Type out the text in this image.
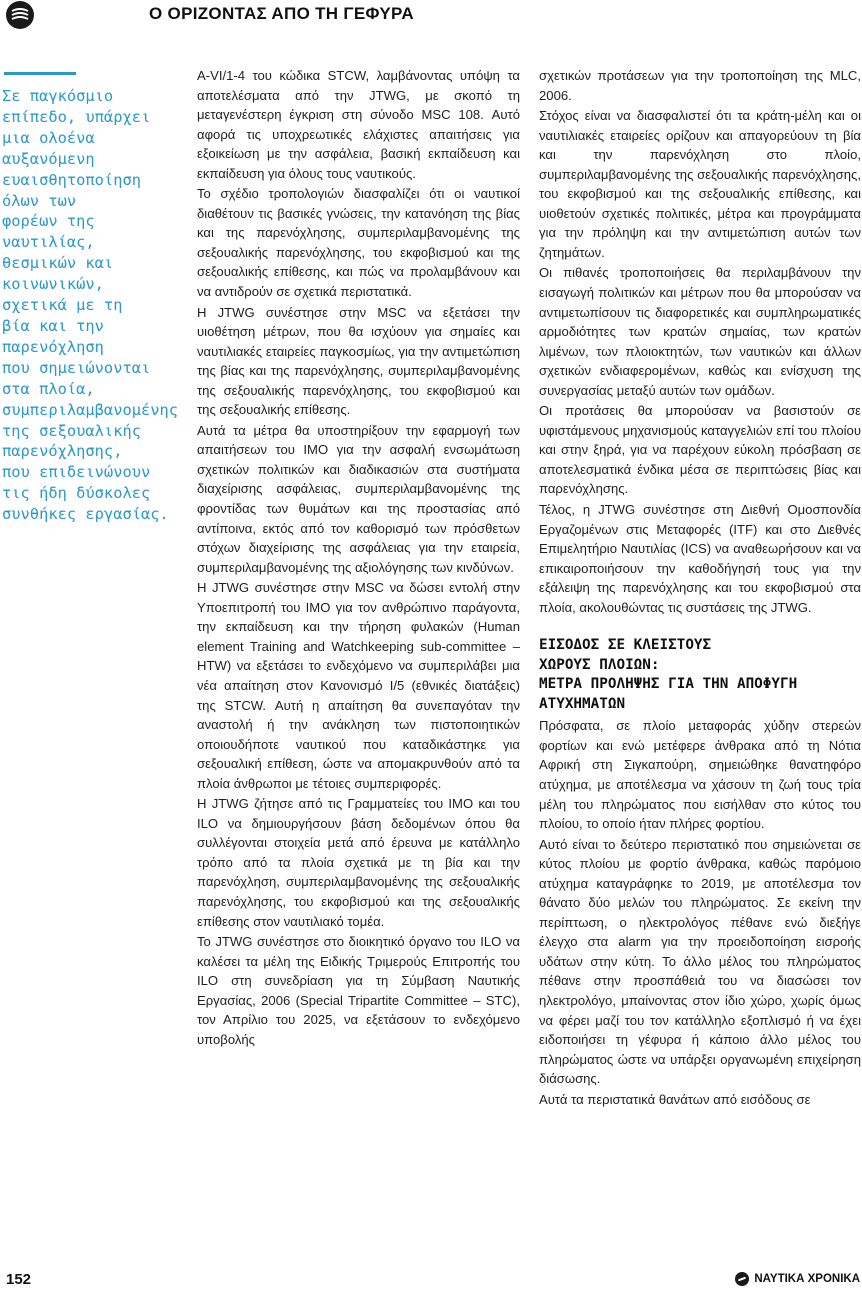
Ο ΟΡΙΖΟΝΤΑΣ ΑΠΟ ΤΗ ΓΕΦΥΡΑ
Σε παγκόσμιο
επίπεδο, υπάρχει
μια ολοένα
αυξανόμενη
ευαισθητοποίηση
όλων των
φορέων της
ναυτιλίας,
θεσμικών και
κοινωνικών,
σχετικά με τη
βία και την
παρενόχληση
που σημειώνονται
στα πλοία,
συμπεριλαμβανομένης
της σεξουαλικής
παρενόχλησης,
που επιδεινώνουν
τις ήδη δύσκολες
συνθήκες εργασίας.

A-VI/1-4 του κώδικα STCW, λαμβάνοντας υπόψη τα αποτελέσματα από την JTWG, με σκοπό τη μεταγενέστερη έγκριση στη σύνοδο MSC 108. Αυτό αφορά τις υποχρεωτικές ελάχιστες απαιτήσεις για εξοικείωση με την ασφάλεια, βασική εκπαίδευση και εκπαίδευση για όλους τους ναυτικούς.

Το σχέδιο τροπολογιών διασφαλίζει ότι οι ναυτικοί διαθέτουν τις βασικές γνώσεις, την κατανόηση της βίας και της παρενόχλησης, συμπεριλαμβανομένης της σεξουαλικής παρενόχλησης, του εκφοβισμού και της σεξουαλικής επίθεσης, και πώς να προλαμβάνουν και να αντιδρούν σε σχετικά περιστατικά.

Η JTWG συνέστησε στην MSC να εξετάσει την υιοθέτηση μέτρων, που θα ισχύουν για σημαίες και ναυτιλιακές εταιρείες παγκοσμίως, για την αντιμετώπιση της βίας και της παρενόχλησης, συμπεριλαμβανομένης της σεξουαλικής παρενόχλησης, του εκφοβισμού και της σεξουαλικής επίθεσης.

Αυτά τα μέτρα θα υποστηρίξουν την εφαρμογή των απαιτήσεων του IMO για την ασφαλή ενσωμάτωση σχετικών πολιτικών και διαδικασιών στα συστήματα διαχείρισης ασφάλειας, συμπεριλαμβανομένης της φροντίδας των θυμάτων και της προστασίας από αντίποινα, εκτός από τον καθορισμό των πρόσθετων στόχων διαχείρισης της ασφάλειας για την εταιρεία, συμπεριλαμβανομένης της αξιολόγησης των κινδύνων.

Η JTWG συνέστησε στην MSC να δώσει εντολή στην Υποεπιτροπή του IMO για τον ανθρώπινο παράγοντα, την εκπαίδευση και την τήρηση φυλακών (Human element Training and Watchkeeping sub-committee – HTW) να εξετάσει το ενδεχόμενο να συμπεριλάβει μια νέα απαίτηση στον Κανονισμό I/5 (εθνικές διατάξεις) της STCW. Αυτή η απαίτηση θα συνεπαγόταν την αναστολή ή την ανάκληση των πιστοποιητικών οποιουδήποτε ναυτικού που καταδικάστηκε για σεξουαλική επίθεση, ώστε να απομακρυνθούν από τα πλοία άνθρωποι με τέτοιες συμπεριφορές.

Η JTWG ζήτησε από τις Γραμματείες του IMO και του ILO να δημιουργήσουν βάση δεδομένων όπου θα συλλέγονται στοιχεία μετά από έρευνα με κατάλληλο τρόπο από τα πλοία σχετικά με τη βία και την παρενόχληση, συμπεριλαμβανομένης της σεξουαλικής παρενόχλησης, του εκφοβισμού και της σεξουαλικής επίθεσης στον ναυτιλιακό τομέα.

Το JTWG συνέστησε στο διοικητικό όργανο του ILO να καλέσει τα μέλη της Ειδικής Τριμερούς Επιτροπής του ILO στη συνεδρίαση για τη Σύμβαση Ναυτικής Εργασίας, 2006 (Special Tripartite Committee – STC), τον Απρίλιο του 2025, να εξετάσουν το ενδεχόμενο υποβολής

σχετικών προτάσεων για την τροποποίηση της MLC, 2006.

Στόχος είναι να διασφαλιστεί ότι τα κράτη-μέλη και οι ναυτιλιακές εταιρείες ορίζουν και απαγορεύουν τη βία και την παρενόχληση στο πλοίο, συμπεριλαμβανομένης της σεξουαλικής παρενόχλησης, του εκφοβισμού και της σεξουαλικής επίθεσης, και υιοθετούν σχετικές πολιτικές, μέτρα και προγράμματα για την πρόληψη και την αντιμετώπιση αυτών των ζητημάτων.

Οι πιθανές τροποποιήσεις θα περιλαμβάνουν την εισαγωγή πολιτικών και μέτρων που θα μπορούσαν να αντιμετωπίσουν τις διαφορετικές και συμπληρωματικές αρμοδιότητες των κρατών σημαίας, των κρατών λιμένων, των πλοιοκτητών, των ναυτικών και άλλων σχετικών ενδιαφερομένων, καθώς και ενίσχυση της συνεργασίας μεταξύ αυτών των ομάδων.

Οι προτάσεις θα μπορούσαν να βασιστούν σε υφιστάμενους μηχανισμούς καταγγελιών επί του πλοίου και στην ξηρά, για να παρέχουν εύκολη πρόσβαση σε αποτελεσματικά ένδικα μέσα σε περιπτώσεις βίας και παρενόχλησης.

Τέλος, η JTWG συνέστησε στη Διεθνή Ομοσπονδία Εργαζομένων στις Μεταφορές (ITF) και στο Διεθνές Επιμελητήριο Ναυτιλίας (ICS) να αναθεωρήσουν και να επικαιροποιήσουν την καθοδήγησή τους για την εξάλειψη της παρενόχλησης και του εκφοβισμού στα πλοία, ακολουθώντας τις συστάσεις της JTWG.

ΕΙΣΟΔΟΣ ΣΕ ΚΛΕΙΣΤΟΥΣ
ΧΩΡΟΥΣ ΠΛΟΙΩΝ:
ΜΕΤΡΑ ΠΡΟΛΗΨΗΣ ΓΙΑ ΤΗΝ ΑΠΟΦΥΓΗ
ΑΤΥΧΗΜΑΤΩΝ

Πρόσφατα, σε πλοίο μεταφοράς χύδην στερεών φορτίων και ενώ μετέφερε άνθρακα από τη Νότια Αφρική στη Σιγκαπούρη, σημειώθηκε θανατηφόρο ατύχημα, με αποτέλεσμα να χάσουν τη ζωή τους τρία μέλη του πληρώματος που εισήλθαν στο κύτος του πλοίου, το οποίο ήταν πλήρες φορτίου.

Αυτό είναι το δεύτερο περιστατικό που σημειώνεται σε κύτος πλοίου με φορτίο άνθρακα, καθώς παρόμοιο ατύχημα καταγράφηκε το 2019, με αποτέλεσμα τον θάνατο δύο μελών του πληρώματος. Σε εκείνη την περίπτωση, ο ηλεκτρολόγος πέθανε ενώ διεξήγε έλεγχο στα alarm για την προειδοποίηση εισροής υδάτων στην κύτη. Το άλλο μέλος του πληρώματος πέθανε στην προσπάθειά του να διασώσει τον ηλεκτρολόγο, μπαίνοντας στον ίδιο χώρο, χωρίς όμως να φέρει μαζί του τον κατάλληλο εξοπλισμό ή να έχει ειδοποιήσει τη γέφυρα ή κάποιο άλλο μέλος του πληρώματος ώστε να υπάρξει οργανωμένη επιχείρηση διάσωσης.

Αυτά τα περιστατικά θανάτων από εισόδους σε

152	ΝΑΥΤΙΚΑ ΧΡΟΝΙΚΑ
